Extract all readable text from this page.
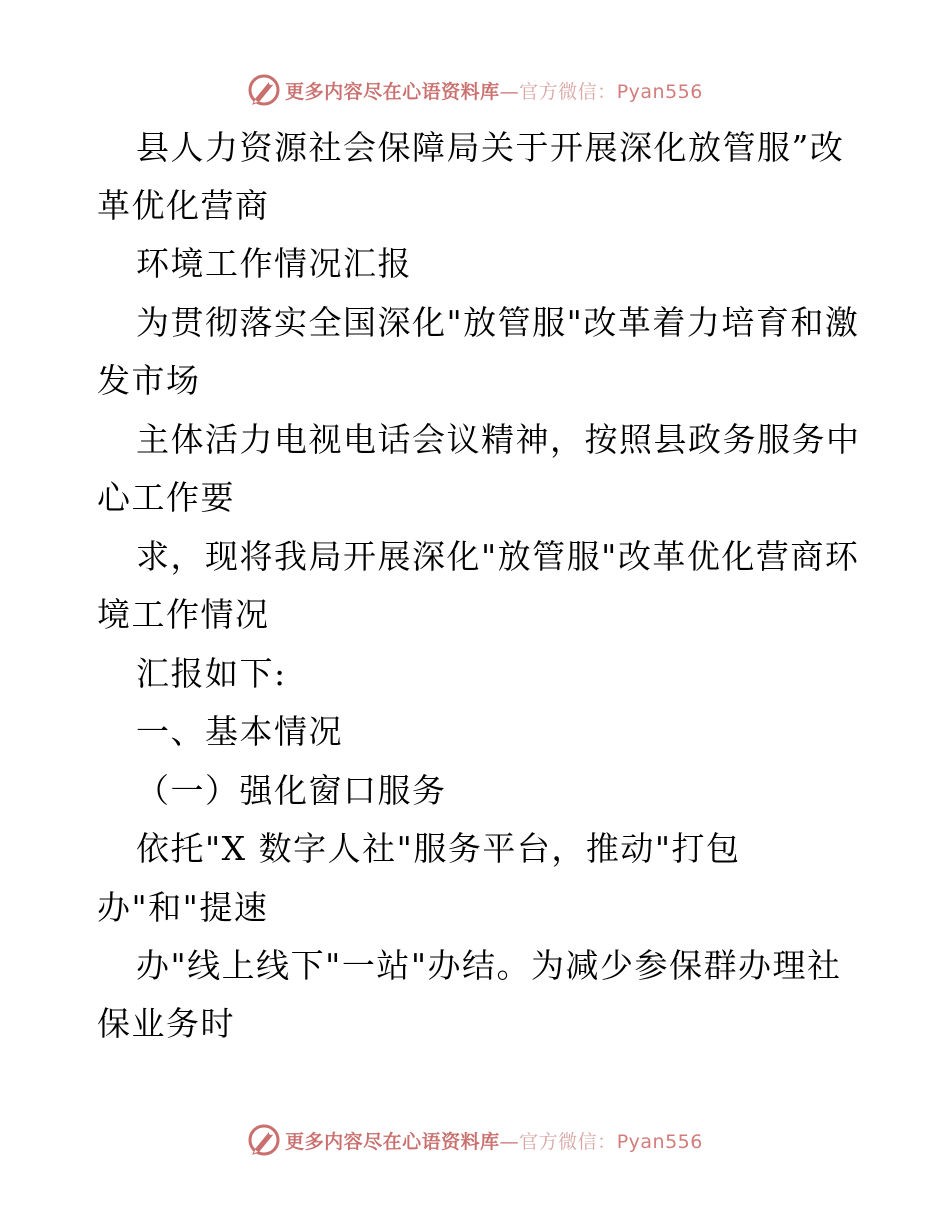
更多内容尽在心语资料库—官方微信：Pyan556
县人力资源社会保障局关于开展深化放管服”改
革优化营商
环境工作情况汇报
为贯彻落实全国深化"放管服"改革着力培育和激
发市场
主体活力电视电话会议精神，按照县政务服务中
心工作要
求，现将我局开展深化"放管服"改革优化营商环
境工作情况
汇报如下:
一、基本情况
（一）强化窗口服务
依托"X 数字人社"服务平台，推动"打包
办"和"提速
办"线上线下"一站"办结。为减少参保群办理社
保业务时
更多内容尽在心语资料库—官方微信：Pyan556
